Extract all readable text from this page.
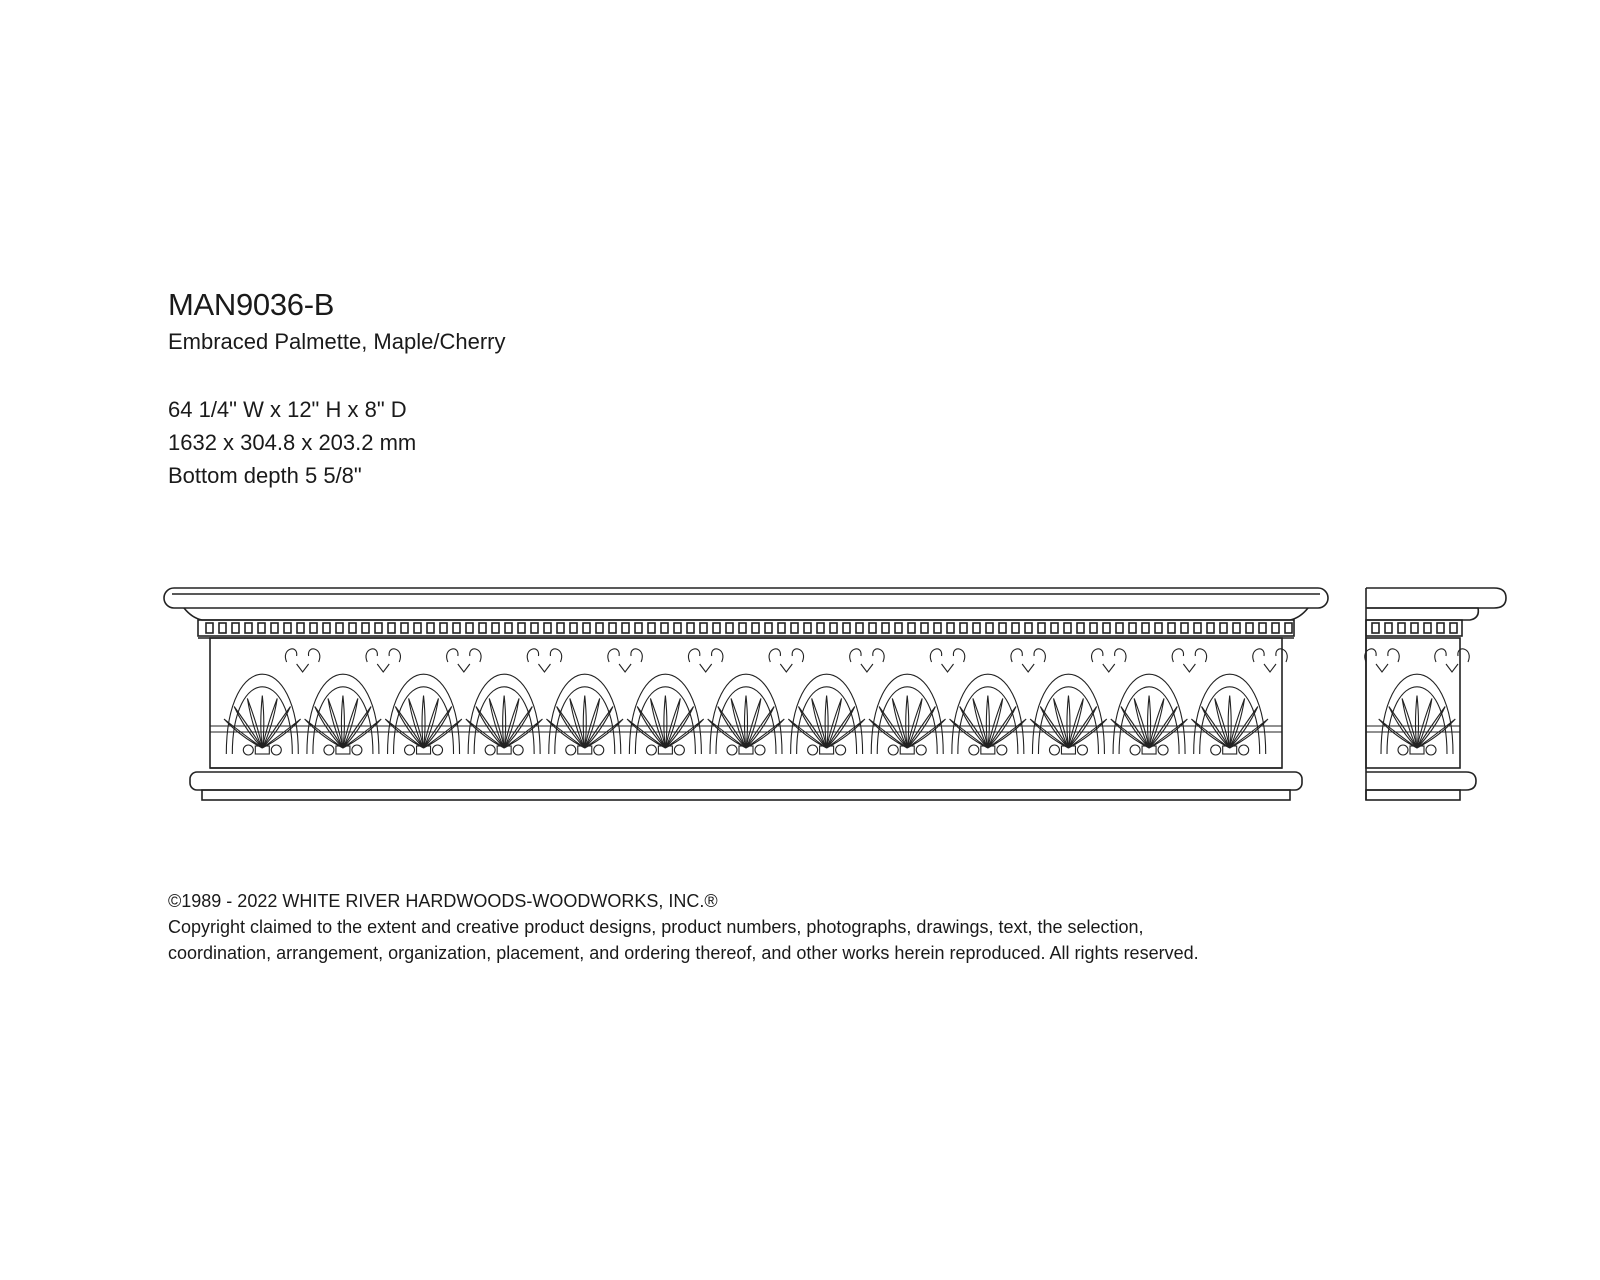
MAN9036-B
Embraced Palmette, Maple/Cherry
64 1/4" W x 12" H x 8" D
1632 x 304.8 x 203.2 mm
Bottom depth 5 5/8"
©1989 - 2022 WHITE RIVER HARDWOODS-WOODWORKS, INC.®
Copyright claimed to the extent and creative product designs, product numbers, photographs, drawings, text, the selection,
coordination, arrangement, organization, placement, and ordering thereof, and other works herein reproduced. All rights reserved.
